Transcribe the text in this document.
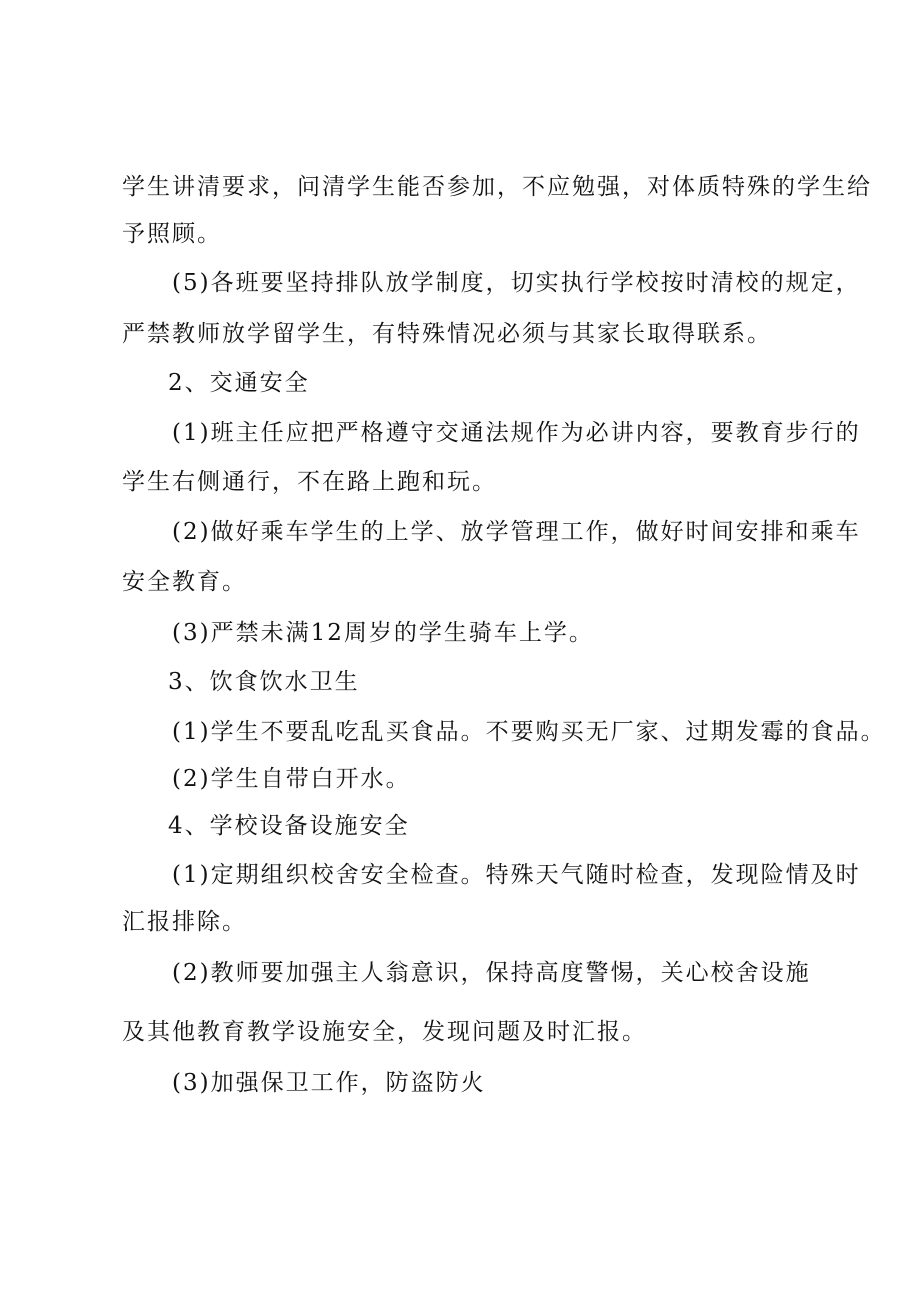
学生讲清要求，问清学生能否参加，不应勉强，对体质特殊的学生给
予照顾。
(5)各班要坚持排队放学制度，切实执行学校按时清校的规定，
严禁教师放学留学生，有特殊情况必须与其家长取得联系。
2、交通安全
(1)班主任应把严格遵守交通法规作为必讲内容，要教育步行的
学生右侧通行，不在路上跑和玩。
(2)做好乘车学生的上学、放学管理工作，做好时间安排和乘车
安全教育。
(3)严禁未满12周岁的学生骑车上学。
3、饮食饮水卫生
(1)学生不要乱吃乱买食品。不要购买无厂家、过期发霉的食品。
(2)学生自带白开水。
4、学校设备设施安全
(1)定期组织校舍安全检查。特殊天气随时检查，发现险情及时
汇报排除。
(2)教师要加强主人翁意识，保持高度警惕，关心校舍设施
及其他教育教学设施安全，发现问题及时汇报。
(3)加强保卫工作，防盗防火
